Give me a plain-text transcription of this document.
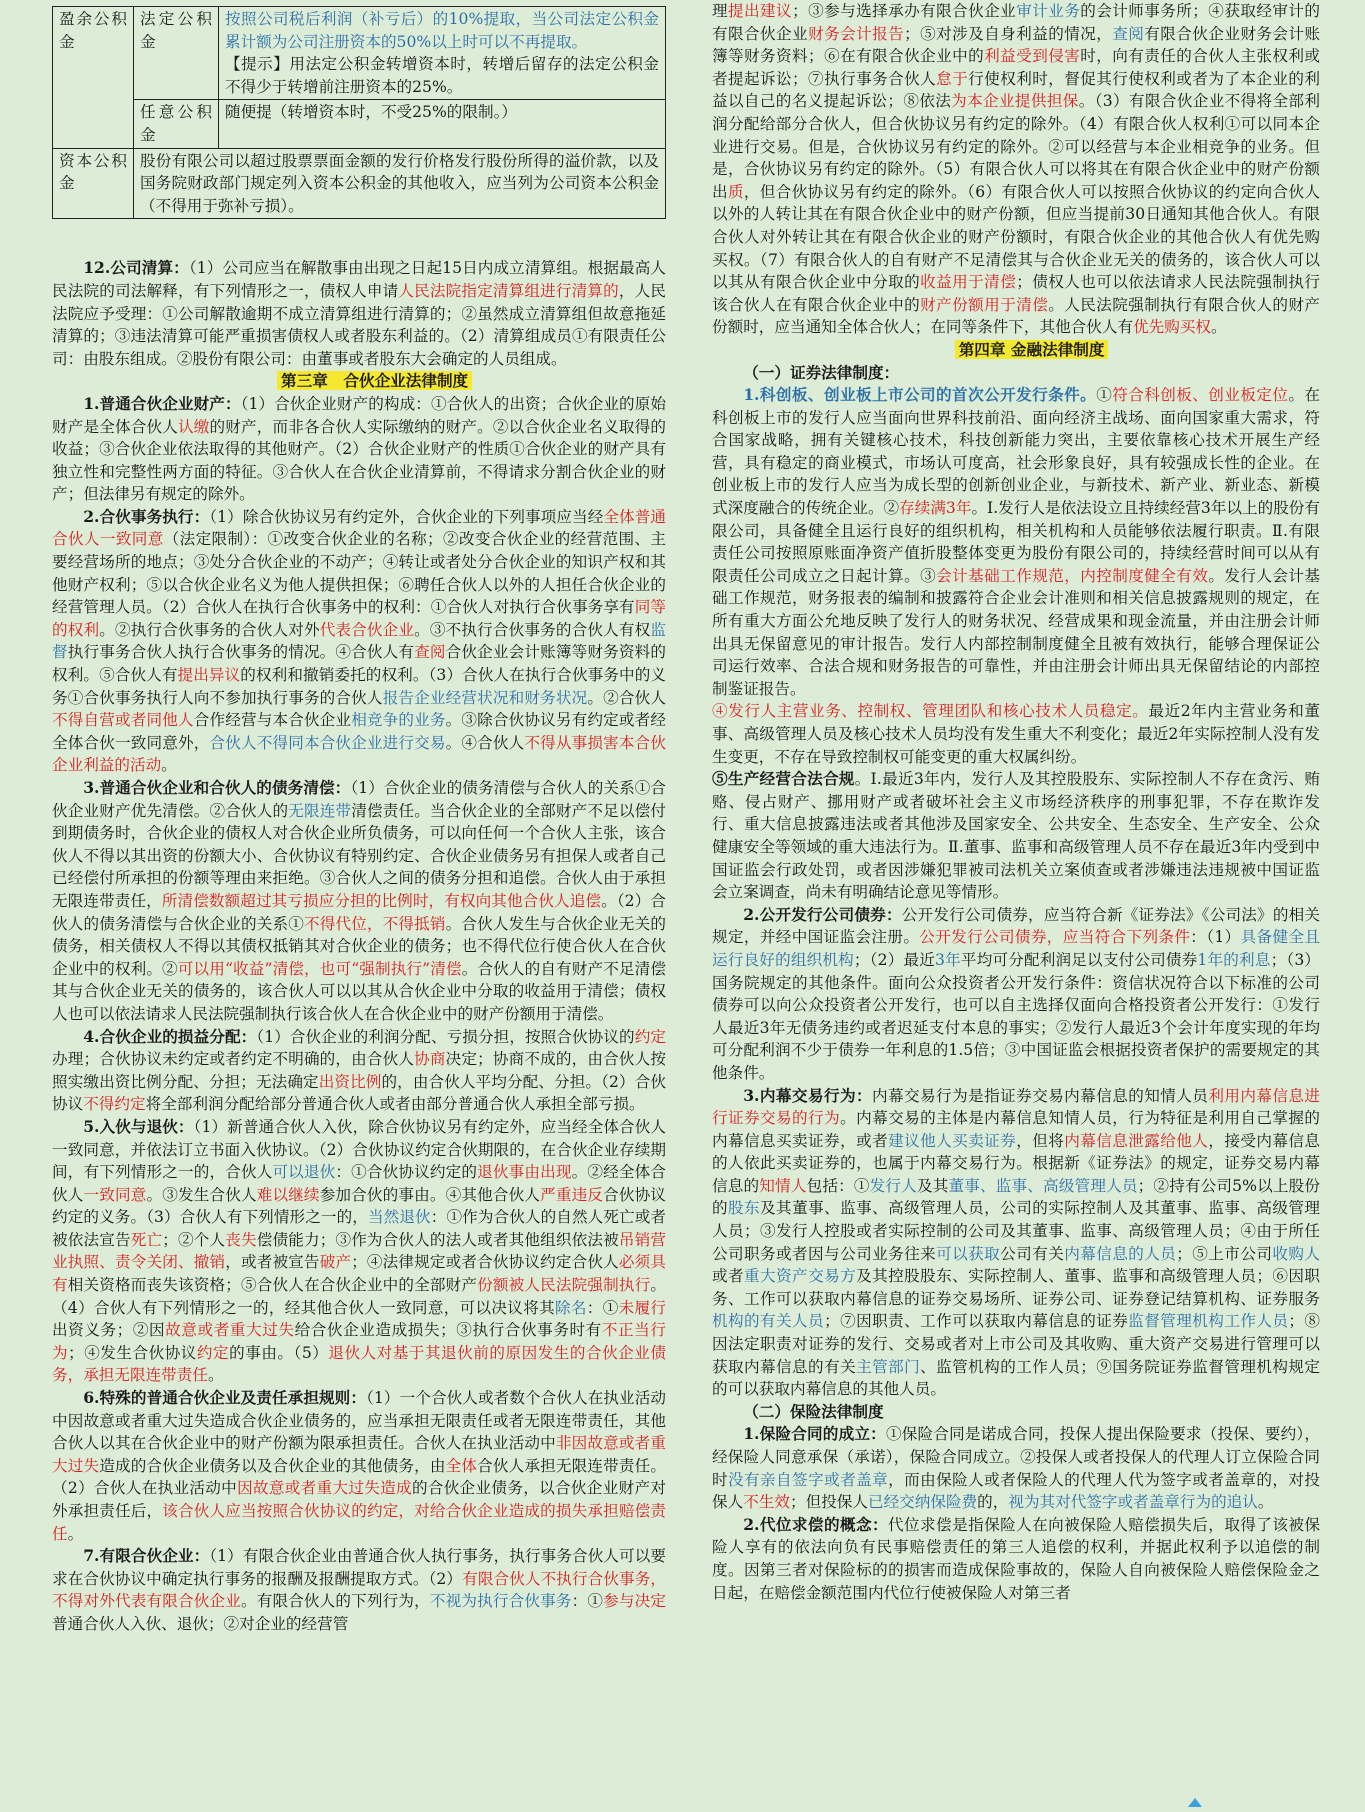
盈余公积金	法定公积金	按照公司税后利润（补亏后）的10%提取，当公司法定公积金累计额为公司注册资本的50%以上时可以不再提取。
【提示】用法定公积金转增资本时，转增后留存的法定公积金不得少于转增前注册资本的25%。

	任意公积金	随便提（转增资本时，不受25%的限制。）
资本公积金	股份有限公司以超过股票票面金额的发行价格发行股份所得的溢价款，以及国务院财政部门规定列入资本公积金的其他收入，应当列为公司资本公积金（不得用于弥补亏损）。	

12.公司清算：（1）公司应当在解散事由出现之日起15日内成立清算组。根据最高人民法院的司法解释，有下列情形之一，债权人申请人民法院指定清算组进行清算的，人民法院应予受理：①公司解散逾期不成立清算组进行清算的；②虽然成立清算组但故意拖延清算的；③违法清算可能严重损害债权人或者股东利益的。（2）清算组成员①有限责任公司：由股东组成。②股份有限公司：由董事或者股东大会确定的人员组成。

第三章　合伙企业法律制度

1.普通合伙企业财产：（1）合伙企业财产的构成：①合伙人的出资；合伙企业的原始财产是全体合伙人认缴的财产，而非各合伙人实际缴纳的财产。②以合伙企业名义取得的收益；③合伙企业依法取得的其他财产。（2）合伙企业财产的性质①合伙企业的财产具有独立性和完整性两方面的特征。③合伙人在合伙企业清算前，不得请求分割合伙企业的财产；但法律另有规定的除外。

2.合伙事务执行：（1）除合伙协议另有约定外，合伙企业的下列事项应当经全体普通合伙人一致同意（法定限制）：①改变合伙企业的名称；②改变合伙企业的经营范围、主要经营场所的地点；③处分合伙企业的不动产；④转让或者处分合伙企业的知识产权和其他财产权利；⑤以合伙企业名义为他人提供担保；⑥聘任合伙人以外的人担任合伙企业的经营管理人员。（2）合伙人在执行合伙事务中的权利：①合伙人对执行合伙事务享有同等的权利。②执行合伙事务的合伙人对外代表合伙企业。③不执行合伙事务的合伙人有权监督执行事务合伙人执行合伙事务的情况。④合伙人有查阅合伙企业会计账簿等财务资料的权利。⑤合伙人有提出异议的权利和撤销委托的权利。（3）合伙人在执行合伙事务中的义务①合伙事务执行人向不参加执行事务的合伙人报告企业经营状况和财务状况。②合伙人不得自营或者同他人合作经营与本合伙企业相竞争的业务。③除合伙协议另有约定或者经全体合伙一致同意外，合伙人不得同本合伙企业进行交易。④合伙人不得从事损害本合伙企业利益的活动。

3.普通合伙企业和合伙人的债务清偿：（1）合伙企业的债务清偿与合伙人的关系①合伙企业财产优先清偿。②合伙人的无限连带清偿责任。当合伙企业的全部财产不足以偿付到期债务时，合伙企业的债权人对合伙企业所负债务，可以向任何一个合伙人主张，该合伙人不得以其出资的份额大小、合伙协议有特别约定、合伙企业债务另有担保人或者自己已经偿付所承担的份额等理由来拒绝。③合伙人之间的债务分担和追偿。合伙人由于承担无限连带责任，所清偿数额超过其亏损应分担的比例时，有权向其他合伙人追偿。（2）合伙人的债务清偿与合伙企业的关系①不得代位，不得抵销。合伙人发生与合伙企业无关的债务，相关债权人不得以其债权抵销其对合伙企业的债务；也不得代位行使合伙人在合伙企业中的权利。②可以用“收益”清偿，也可“强制执行”清偿。合伙人的自有财产不足清偿其与合伙企业无关的债务的，该合伙人可以以其从合伙企业中分取的收益用于清偿；债权人也可以依法请求人民法院强制执行该合伙人在合伙企业中的财产份额用于清偿。

4.合伙企业的损益分配：（1）合伙企业的利润分配、亏损分担，按照合伙协议的约定办理；合伙协议未约定或者约定不明确的，由合伙人协商决定；协商不成的，由合伙人按照实缴出资比例分配、分担；无法确定出资比例的，由合伙人平均分配、分担。（2）合伙协议不得约定将全部利润分配给部分普通合伙人或者由部分普通合伙人承担全部亏损。

5.入伙与退伙：（1）新普通合伙人入伙，除合伙协议另有约定外，应当经全体合伙人一致同意，并依法订立书面入伙协议。（2）合伙协议约定合伙期限的，在合伙企业存续期间，有下列情形之一的，合伙人可以退伙：①合伙协议约定的退伙事由出现。②经全体合伙人一致同意。③发生合伙人难以继续参加合伙的事由。④其他合伙人严重违反合伙协议约定的义务。（3）合伙人有下列情形之一的，当然退伙：①作为合伙人的自然人死亡或者被依法宣告死亡；②个人丧失偿债能力；③作为合伙人的法人或者其他组织依法被吊销营业执照、责令关闭、撤销，或者被宣告破产；④法律规定或者合伙协议约定合伙人必须具有相关资格而丧失该资格；⑤合伙人在合伙企业中的全部财产份额被人民法院强制执行。（4）合伙人有下列情形之一的，经其他合伙人一致同意，可以决议将其除名：①未履行出资义务；②因故意或者重大过失给合伙企业造成损失；③执行合伙事务时有不正当行为；④发生合伙协议约定的事由。（5）退伙人对基于其退伙前的原因发生的合伙企业债务，承担无限连带责任。

6.特殊的普通合伙企业及责任承担规则：（1）一个合伙人或者数个合伙人在执业活动中因故意或者重大过失造成合伙企业债务的，应当承担无限责任或者无限连带责任，其他合伙人以其在合伙企业中的财产份额为限承担责任。合伙人在执业活动中非因故意或者重大过失造成的合伙企业债务以及合伙企业的其他债务，由全体合伙人承担无限连带责任。（2）合伙人在执业活动中因故意或者重大过失造成的合伙企业债务，以合伙企业财产对外承担责任后，该合伙人应当按照合伙协议的约定，对给合伙企业造成的损失承担赔偿责任。

7.有限合伙企业：（1）有限合伙企业由普通合伙人执行事务，执行事务合伙人可以要求在合伙协议中确定执行事务的报酬及报酬提取方式。（2）有限合伙人不执行合伙事务，不得对外代表有限合伙企业。有限合伙人的下列行为，不视为执行合伙事务：①参与决定普通合伙人入伙、退伙；②对企业的经营管

理提出建议；③参与选择承办有限合伙企业审计业务的会计师事务所；④获取经审计的有限合伙企业财务会计报告；⑤对涉及自身利益的情况，查阅有限合伙企业财务会计账簿等财务资料；⑥在有限合伙企业中的利益受到侵害时，向有责任的合伙人主张权利或者提起诉讼；⑦执行事务合伙人怠于行使权利时，督促其行使权利或者为了本企业的利益以自己的名义提起诉讼；⑧依法为本企业提供担保。（3）有限合伙企业不得将全部利润分配给部分合伙人，但合伙协议另有约定的除外。（4）有限合伙人权利①可以同本企业进行交易。但是，合伙协议另有约定的除外。②可以经营与本企业相竞争的业务。但是，合伙协议另有约定的除外。（5）有限合伙人可以将其在有限合伙企业中的财产份额出质，但合伙协议另有约定的除外。（6）有限合伙人可以按照合伙协议的约定向合伙人以外的人转让其在有限合伙企业中的财产份额，但应当提前30日通知其他合伙人。有限合伙人对外转让其在有限合伙企业的财产份额时，有限合伙企业的其他合伙人有优先购买权。（7）有限合伙人的自有财产不足清偿其与合伙企业无关的债务的，该合伙人可以以其从有限合伙企业中分取的收益用于清偿；债权人也可以依法请求人民法院强制执行该合伙人在有限合伙企业中的财产份额用于清偿。人民法院强制执行有限合伙人的财产份额时，应当通知全体合伙人；在同等条件下，其他合伙人有优先购买权。

第四章 金融法律制度

（一）证券法律制度：

1.科创板、创业板上市公司的首次公开发行条件。①符合科创板、创业板定位。在科创板上市的发行人应当面向世界科技前沿、面向经济主战场、面向国家重大需求，符合国家战略，拥有关键核心技术，科技创新能力突出，主要依靠核心技术开展生产经营，具有稳定的商业模式，市场认可度高，社会形象良好，具有较强成长性的企业。在创业板上市的发行人应当为成长型的创新创业企业，与新技术、新产业、新业态、新模式深度融合的传统企业。②存续满3年。Ⅰ.发行人是依法设立且持续经营3年以上的股份有限公司，具备健全且运行良好的组织机构，相关机构和人员能够依法履行职责。Ⅱ.有限责任公司按照原账面净资产值折股整体变更为股份有限公司的，持续经营时间可以从有限责任公司成立之日起计算。③会计基础工作规范，内控制度健全有效。发行人会计基础工作规范，财务报表的编制和披露符合企业会计准则和相关信息披露规则的规定，在所有重大方面公允地反映了发行人的财务状况、经营成果和现金流量，并由注册会计师出具无保留意见的审计报告。发行人内部控制制度健全且被有效执行，能够合理保证公司运行效率、合法合规和财务报告的可靠性，并由注册会计师出具无保留结论的内部控制鉴证报告。

④发行人主营业务、控制权、管理团队和核心技术人员稳定。最近2年内主营业务和董事、高级管理人员及核心技术人员均没有发生重大不利变化；最近2年实际控制人没有发生变更，不存在导致控制权可能变更的重大权属纠纷。

⑤生产经营合法合规。Ⅰ.最近3年内，发行人及其控股股东、实际控制人不存在贪污、贿赂、侵占财产、挪用财产或者破坏社会主义市场经济秩序的刑事犯罪，不存在欺诈发行、重大信息披露违法或者其他涉及国家安全、公共安全、生态安全、生产安全、公众健康安全等领域的重大违法行为。Ⅱ.董事、监事和高级管理人员不存在最近3年内受到中国证监会行政处罚，或者因涉嫌犯罪被司法机关立案侦查或者涉嫌违法违规被中国证监会立案调查，尚未有明确结论意见等情形。

2.公开发行公司债券：公开发行公司债券，应当符合新《证券法》《公司法》的相关规定，并经中国证监会注册。公开发行公司债券，应当符合下列条件：（1）具备健全且运行良好的组织机构；（2）最近3年平均可分配利润足以支付公司债券1年的利息；（3）国务院规定的其他条件。面向公众投资者公开发行条件：资信状况符合以下标准的公司债券可以向公众投资者公开发行，也可以自主选择仅面向合格投资者公开发行：①发行人最近3年无债务违约或者迟延支付本息的事实；②发行人最近3个会计年度实现的年均可分配利润不少于债券一年利息的1.5倍；③中国证监会根据投资者保护的需要规定的其他条件。

3.内幕交易行为：内幕交易行为是指证券交易内幕信息的知情人员利用内幕信息进行证券交易的行为。内幕交易的主体是内幕信息知情人员，行为特征是利用自己掌握的内幕信息买卖证券，或者建议他人买卖证券，但将内幕信息泄露给他人，接受内幕信息的人依此买卖证券的，也属于内幕交易行为。根据新《证券法》的规定，证券交易内幕信息的知情人包括：①发行人及其董事、监事、高级管理人员；②持有公司5%以上股份的股东及其董事、监事、高级管理人员，公司的实际控制人及其董事、监事、高级管理人员；③发行人控股或者实际控制的公司及其董事、监事、高级管理人员；④由于所任公司职务或者因与公司业务往来可以获取公司有关内幕信息的人员；⑤上市公司收购人或者重大资产交易方及其控股股东、实际控制人、董事、监事和高级管理人员；⑥因职务、工作可以获取内幕信息的证券交易场所、证券公司、证券登记结算机构、证券服务机构的有关人员；⑦因职责、工作可以获取内幕信息的证券监督管理机构工作人员；⑧因法定职责对证券的发行、交易或者对上市公司及其收购、重大资产交易进行管理可以获取内幕信息的有关主管部门、监管机构的工作人员；⑨国务院证券监督管理机构规定的可以获取内幕信息的其他人员。

（二）保险法律制度

1.保险合同的成立：①保险合同是诺成合同，投保人提出保险要求（投保、要约），经保险人同意承保（承诺），保险合同成立。②投保人或者投保人的代理人订立保险合同时没有亲自签字或者盖章，而由保险人或者保险人的代理人代为签字或者盖章的，对投保人不生效；但投保人已经交纳保险费的，视为其对代签字或者盖章行为的追认。

2.代位求偿的概念：代位求偿是指保险人在向被保险人赔偿损失后，取得了该被保险人享有的依法向负有民事赔偿责任的第三人追偿的权利，并据此权利予以追偿的制度。因第三者对保险标的的损害而造成保险事故的，保险人自向被保险人赔偿保险金之日起，在赔偿金额范围内代位行使被保险人对第三者
